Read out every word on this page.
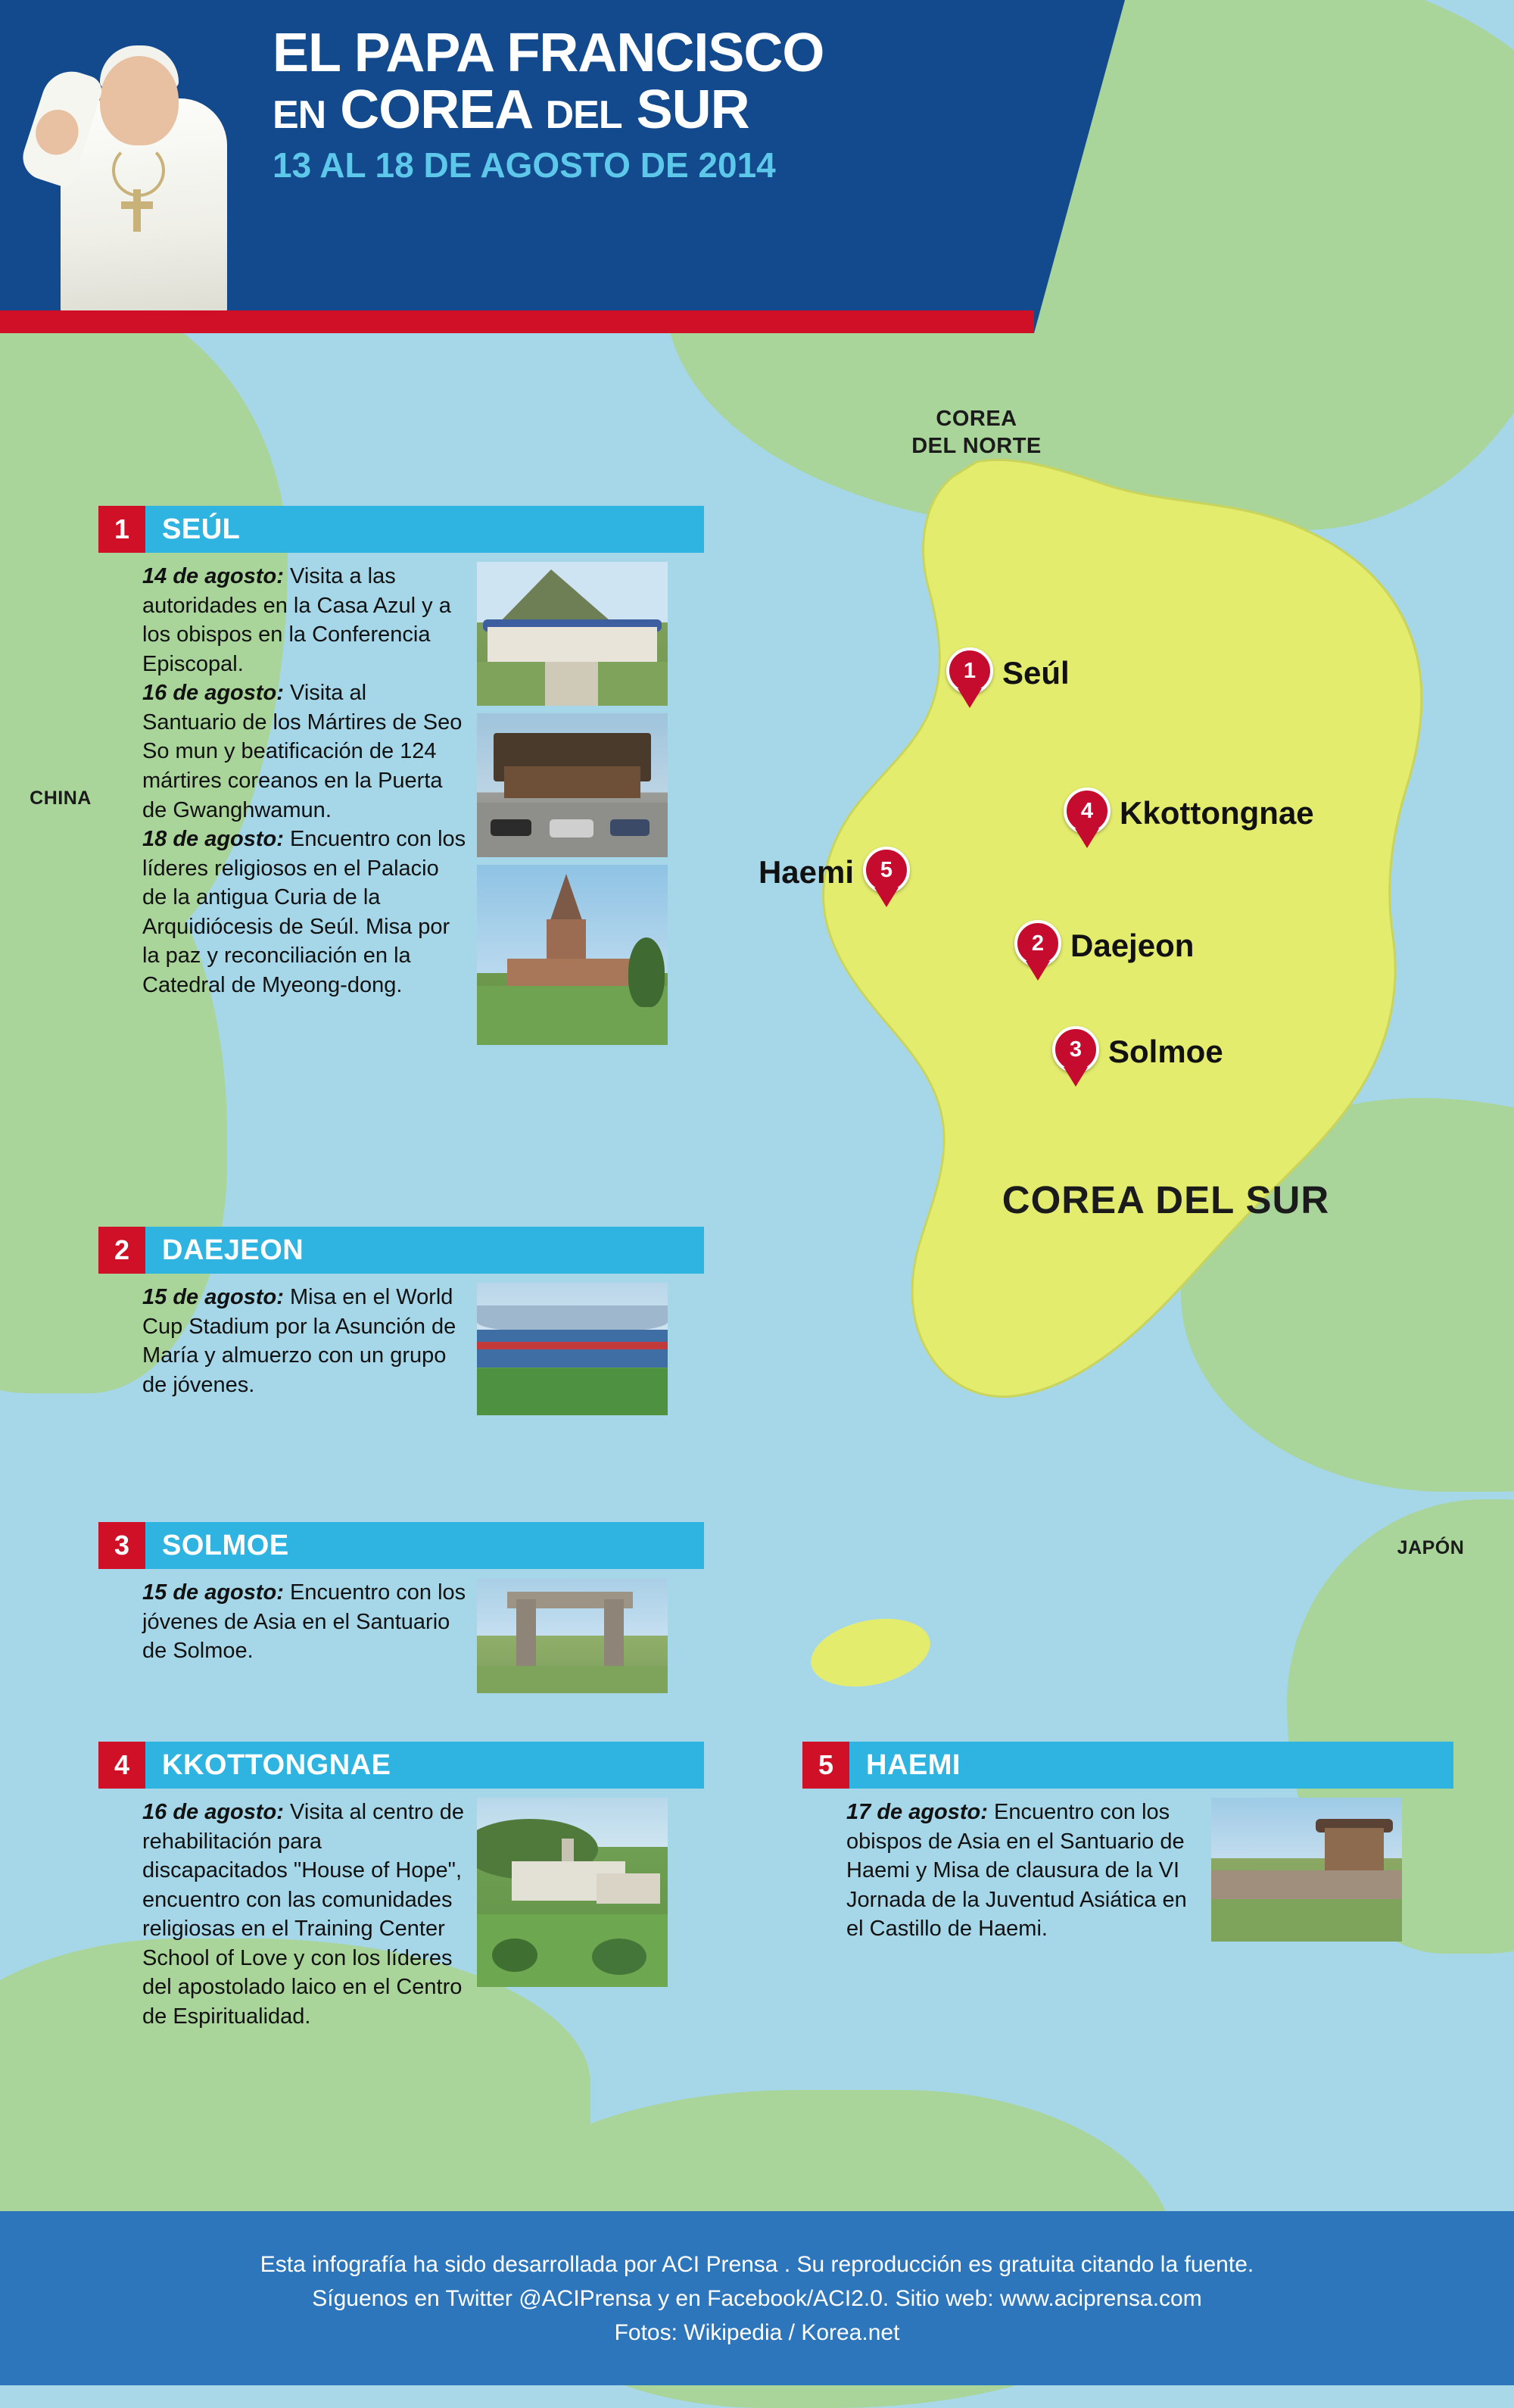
COREA
DEL NORTE
CHINA
JAPÓN
COREA DEL SUR
1 Seúl
2 Daejeon
3 Solmoe
4 Kkottongnae
5
Haemi
EL PAPA FRANCISCO
EN COREA DEL SUR
13 AL 18 DE AGOSTO DE 2014
1	SEÚL

14 de agosto: Visita a las autoridades en la Casa Azul y a los obispos en la Conferencia Episcopal.

16 de agosto: Visita al Santuario de los Mártires de Seo So mun y beatificación de 124 mártires coreanos en la Puerta de Gwanghwamun.

18 de agosto: Encuentro con los líderes religiosos en el Palacio de la antigua Curia de la Arquidiócesis de Seúl. Misa por la paz y reconciliación en la Catedral de Myeong-dong.

2	DAEJEON

15 de agosto: Misa en el World Cup Stadium por la Asunción de María y almuerzo con un grupo de jóvenes.

3	SOLMOE

15 de agosto: Encuentro con los jóvenes de Asia en el Santuario de Solmoe.

4	KKOTTONGNAE

16 de agosto: Visita al centro de rehabilitación para discapacitados "House of Hope", encuentro con las comunidades religiosas en el Training Center School of Love y con los líderes del apostolado laico en el Centro de Espiritualidad.

5	HAEMI

17 de agosto: Encuentro con los obispos de Asia en el Santuario de Haemi y Misa de clausura de la VI Jornada de la Juventud Asiática en el Castillo de Haemi.

Esta infografía ha sido desarrollada por ACI Prensa . Su reproducción es gratuita citando la fuente.

Síguenos en Twitter @ACIPrensa y en Facebook/ACI2.0. Sitio web: www.aciprensa.com

Fotos: Wikipedia / Korea.net
